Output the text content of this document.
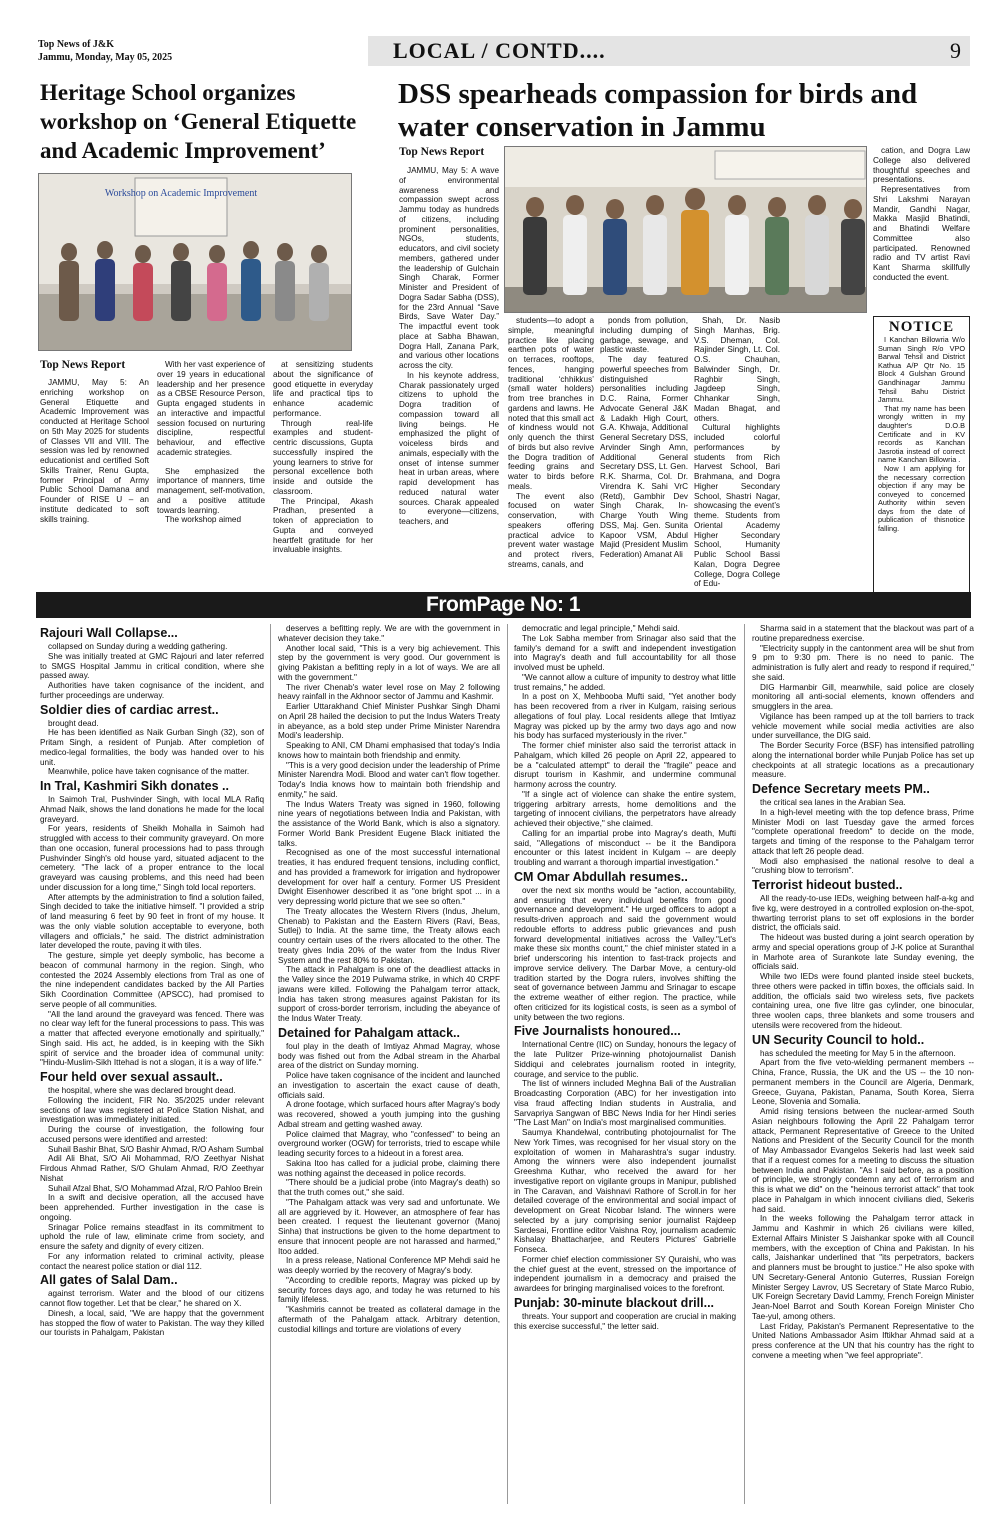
Top News of J&K
Jammu, Monday, May 05, 2025	LOCAL / CONTD....	9
Heritage School organizes workshop on ‘General Etiquette and Academic Improvement’
Workshop on Academic Improvement
Top News Report

JAMMU, May 5: An enriching workshop on General Etiquette and Academic Improvement was conducted at Heritage School on 5th May 2025 for students of Classes VII and VIII. The session was led by renowned educationist and certified Soft Skills Trainer, Renu Gupta, former Principal of Army Public School Damana and Founder of RISE U – an institute dedicated to soft skills training.

With her vast experience of over 19 years in educational leadership and her presence as a CBSE Resource Person, Gupta engaged students in an interactive and impactful session focused on nurturing discipline, respectful behaviour, and effective academic strategies.

She emphasized the importance of manners, time management, self-motivation, and a positive attitude towards learning.

The workshop aimed

at sensitizing students about the significance of good etiquette in everyday life and practical tips to enhance academic performance.

Through real-life examples and student-centric discussions, Gupta successfully inspired the young learners to strive for personal excellence both inside and outside the classroom.

The Principal, Akash Pradhan, presented a token of appreciation to Gupta and conveyed heartfelt gratitude for her invaluable insights.

DSS spearheads compassion for birds and water conservation in Jammu
Top News Report

JAMMU, May 5: A wave of environmental awareness and compassion swept across Jammu today as hundreds of citizens, including prominent personalities, NGOs, students, educators, and civil society members, gathered under the leadership of Gulchain Singh Charak, Former Minister and President of Dogra Sadar Sabha (DSS), for the 23rd Annual “Save Birds, Save Water Day.” The impactful event took place at Sabha Bhawan, Dogra Hall, Zanana Park, and various other locations across the city.

In his keynote address, Charak passionately urged citizens to uphold the Dogra tradition of compassion toward all living beings. He emphasized the plight of voiceless birds and animals, especially with the onset of intense summer heat in urban areas, where rapid development has reduced natural water sources. Charak appealed to everyone—citizens, teachers, and

students—to adopt a simple, meaningful practice like placing earthen pots of water on terraces, rooftops, fences, hanging traditional ‘chhikkus’ (small water holders) from tree branches in gardens and lawns. He noted that this small act of kindness would not only quench the thirst of birds but also revive the Dogra tradition of feeding grains and water to birds before meals.

The event also focused on water conservation, with speakers offering practical advice to prevent water wastage and protect rivers, streams, canals, and

ponds from pollution, including dumping of garbage, sewage, and plastic waste.

The day featured powerful speeches from distinguished personalities including D.C. Raina, Former Advocate General J&K & Ladakh High Court, G.A. Khwaja, Additional General Secretary DSS, Arvinder Singh Amn, Additional General Secretary DSS, Lt. Gen. R.K. Sharma, Col. Dr. Virendra K. Sahi VrC (Retd), Gambhir Dev Singh Charak, In-Charge Youth Wing DSS, Maj. Gen. Sunita Kapoor VSM, Abdul Majid (President Muslim Federation) Amanat Ali

Shah, Dr. Nasib Singh Manhas, Brig. V.S. Dheman, Col. Rajinder Singh, Lt. Col. O.S. Chauhan, Balwinder Singh, Dr. Raghbir Singh, Jagdeep Singh, Chhankar Singh, Madan Bhagat, and others.

Cultural highlights included colorful performances by students from Rich Harvest School, Bari Brahmana, and Dogra Higher Secondary School, Shastri Nagar, showcasing the event’s theme. Students from Oriental Academy Higher Secondary School, Humanity Public School Bassi Kalan, Dogra Degree College, Dogra College of Edu-

cation, and Dogra Law College also delivered thoughtful speeches and presentations.

Representatives from Shri Lakshmi Narayan Mandir, Gandhi Nagar, Makka Masjid Bhatindi, and Bhatindi Welfare Committee also participated. Renowned radio and TV artist Ravi Kant Sharma skillfully conducted the event.

NOTICE

I Kanchan Billowria W/o Suman Singh R/o VPO Barwal Tehsil and District Kathua A/P Qtr No. 15 Block 4 Gulshan Ground Gandhinagar Jammu Tehsil Bahu District Jammu.

That my name has been wrongly written in my daughter's D.O.B Certificate and in KV records as Kanchan Jasrotia instead of correct name Kanchan Billowria .

Now I am applying for the necessary correction objection if any may be conveyed to concerned Authority within seven days from the date of publication of thisnotice falling.

FromPage No: 1
Rajouri Wall Collapse...

collapsed on Sunday during a wedding gathering.

She was initially treated at GMC Rajouri and later referred to SMGS Hospital Jammu in critical condition, where she passed away.

Authorities have taken cognisance of the incident, and further proceedings are underway.

Soldier dies of cardiac arrest..

brought dead.

He has been identified as Naik Gurban Singh (32), son of Pritam Singh, a resident of Punjab. After completion of medico-legal formalities, the body was handed over to his unit.

Meanwhile, police have taken cognisance of the matter.

In Tral, Kashmiri Sikh donates ..

In Saimoh Tral, Pushvinder Singh, with local MLA Rafiq Ahmad Naik, shows the land donations he made for the local graveyard.

For years, residents of Sheikh Mohalla in Saimoh had struggled with access to their community graveyard. On more than one occasion, funeral processions had to pass through Pushvinder Singh's old house yard, situated adjacent to the cemetery. "The lack of a proper entrance to the local graveyard was causing problems, and this need had been under discussion for a long time," Singh told local reporters.

After attempts by the administration to find a solution failed, Singh decided to take the initiative himself. "I provided a strip of land measuring 6 feet by 90 feet in front of my house. It was the only viable solution acceptable to everyone, both villagers and officials," he said. The district administration later developed the route, paving it with tiles.

The gesture, simple yet deeply symbolic, has become a beacon of communal harmony in the region. Singh, who contested the 2024 Assembly elections from Tral as one of the nine independent candidates backed by the All Parties Sikh Coordination Committee (APSCC), had promised to serve people of all communities.

"All the land around the graveyard was fenced. There was no clear way left for the funeral processions to pass. This was a matter that affected everyone emotionally and spiritually," Singh said. His act, he added, is in keeping with the Sikh spirit of service and the broader idea of communal unity: "Hindu-Muslim-Sikh Ittehad is not a slogan, it is a way of life."

Four held over sexual assault..

the hospital, where she was declared brought dead.

Following the incident, FIR No. 35/2025 under relevant sections of law was registered at Police Station Nishat, and investigation was immediately initiated.

During the course of investigation, the following four accused persons were identified and arrested:

Suhail Bashir Bhat, S/O Bashir Ahmad, R/O Asham Sumbal

Adil Ali Bhat, S/O Ali Mohammad, R/O Zeethyar Nishat Firdous Ahmad Rather, S/O Ghulam Ahmad, R/O Zeethyar Nishat

Suhail Afzal Bhat, S/O Mohammad Afzal, R/O Pahloo Brein

In a swift and decisive operation, all the accused have been apprehended. Further investigation in the case is ongoing.

Srinagar Police remains steadfast in its commitment to uphold the rule of law, eliminate crime from society, and ensure the safety and dignity of every citizen.

For any information related to criminal activity, please contact the nearest police station or dial 112.

All gates of Salal Dam..

against terrorism. Water and the blood of our citizens cannot flow together. Let that be clear," he shared on X.

Dinesh, a local, said, "We are happy that the government has stopped the flow of water to Pakistan. The way they killed our tourists in Pahalgam, Pakistan

deserves a befitting reply. We are with the government in whatever decision they take."

Another local said, "This is a very big achievement. This step by the government is very good. Our government is giving Pakistan a befitting reply in a lot of ways. We are all with the government."

The river Chenab's water level rose on May 2 following heavy rainfall in the Akhnoor sector of Jammu and Kashmir.

Earlier Uttarakhand Chief Minister Pushkar Singh Dhami on April 28 hailed the decision to put the Indus Waters Treaty in abeyance, as a bold step under Prime Minister Narendra Modi's leadership.

Speaking to ANI, CM Dhami emphasised that today's India knows how to maintain both friendship and enmity.

"This is a very good decision under the leadership of Prime Minister Narendra Modi. Blood and water can't flow together. Today's India knows how to maintain both friendship and enmity," he said.

The Indus Waters Treaty was signed in 1960, following nine years of negotiations between India and Pakistan, with the assistance of the World Bank, which is also a signatory. Former World Bank President Eugene Black initiated the talks.

Recognised as one of the most successful international treaties, it has endured frequent tensions, including conflict, and has provided a framework for irrigation and hydropower development for over half a century. Former US President Dwight Eisenhower described it as "one bright spot ... in a very depressing world picture that we see so often."

The Treaty allocates the Western Rivers (Indus, Jhelum, Chenab) to Pakistan and the Eastern Rivers (Ravi, Beas, Sutlej) to India. At the same time, the Treaty allows each country certain uses of the rivers allocated to the other. The treaty gives India 20% of the water from the Indus River System and the rest 80% to Pakistan.

The attack in Pahalgam is one of the deadliest attacks in the Valley since the 2019 Pulwama strike, in which 40 CRPF jawans were killed. Following the Pahalgam terror attack, India has taken strong measures against Pakistan for its support of cross-border terrorism, including the abeyance of the Indus Water Treaty.

Detained for Pahalgam attack..

foul play in the death of Imtiyaz Ahmad Magray, whose body was fished out from the Adbal stream in the Aharbal area of the district on Sunday morning.

Police have taken cognisance of the incident and launched an investigation to ascertain the exact cause of death, officials said.

A drone footage, which surfaced hours after Magray's body was recovered, showed a youth jumping into the gushing Adbal stream and getting washed away.

Police claimed that Magray, who "confessed" to being an overground worker (OGW) for terrorists, tried to escape while leading security forces to a hideout in a forest area.

Sakina Itoo has called for a judicial probe, claiming there was nothing against the deceased in police records.

"There should be a judicial probe (into Magray's death) so that the truth comes out," she said.

"The Pahalgam attack was very sad and unfortunate. We all are aggrieved by it. However, an atmosphere of fear has been created. I request the lieutenant governor (Manoj Sinha) that instructions be given to the home department to ensure that innocent people are not harassed and harmed," Itoo added.

In a press release, National Conference MP Mehdi said he was deeply worried by the recovery of Magray's body.

"According to credible reports, Magray was picked up by security forces days ago, and today he was returned to his family lifeless.

"Kashmiris cannot be treated as collateral damage in the aftermath of the Pahalgam attack. Arbitrary detention, custodial killings and torture are violations of every

democratic and legal principle," Mehdi said.

The Lok Sabha member from Srinagar also said that the family's demand for a swift and independent investigation into Magray's death and full accountability for all those involved must be upheld.

"We cannot allow a culture of impunity to destroy what little trust remains," he added.

In a post on X, Mehbooba Mufti said, "Yet another body has been recovered from a river in Kulgam, raising serious allegations of foul play. Local residents allege that Imtiyaz Magray was picked up by the army two days ago and now his body has surfaced mysteriously in the river."

The former chief minister also said the terrorist attack in Pahalgam, which killed 26 people on April 22, appeared to be a "calculated attempt" to derail the "fragile" peace and disrupt tourism in Kashmir, and undermine communal harmony across the country.

"If a single act of violence can shake the entire system, triggering arbitrary arrests, home demolitions and the targeting of innocent civilians, the perpetrators have already achieved their objective," she claimed.

Calling for an impartial probe into Magray's death, Mufti said, "Allegations of misconduct -- be it the Bandipora encounter or this latest incident in Kulgam -- are deeply troubling and warrant a thorough impartial investigation."

CM Omar Abdullah resumes..

over the next six months would be "action, accountability, and ensuring that every individual benefits from good governance and development." He urged officers to adopt a results-driven approach and said the government would redouble efforts to address public grievances and push forward developmental initiatives across the Valley."Let's make these six months count," the chief minister stated in a brief underscoring his intention to fast-track projects and improve service delivery. The Darbar Move, a century-old tradition started by the Dogra rulers, involves shifting the seat of governance between Jammu and Srinagar to escape the extreme weather of either region. The practice, while often criticized for its logistical costs, is seen as a symbol of unity between the two regions.

Five Journalists honoured...

International Centre (IIC) on Sunday, honours the legacy of the late Pulitzer Prize-winning photojournalist Danish Siddiqui and celebrates journalism rooted in integrity, courage, and service to the public.

The list of winners included Meghna Bali of the Australian Broadcasting Corporation (ABC) for her investigation into visa fraud affecting Indian students in Australia, and Sarvapriya Sangwan of BBC News India for her Hindi series "The Last Man" on India's most marginalised communities.

Saumya Khandelwal, contributing photojournalist for The New York Times, was recognised for her visual story on the exploitation of women in Maharashtra's sugar industry. Among the winners were also independent journalist Greeshma Kuthar, who received the award for her investigative report on vigilante groups in Manipur, published in The Caravan, and Vaishnavi Rathore of Scroll.in for her detailed coverage of the environmental and social impact of development on Great Nicobar Island. The winners were selected by a jury comprising senior journalist Rajdeep Sardesai, Frontline editor Vaishna Roy, journalism academic Kishalay Bhattacharjee, and Reuters Pictures' Gabrielle Fonseca.

Former chief election commissioner SY Quraishi, who was the chief guest at the event, stressed on the importance of independent journalism in a democracy and praised the awardees for bringing marginalised voices to the forefront.

Punjab: 30-minute blackout drill...

threats. Your support and cooperation are crucial in making this exercise successful," the letter said.

Sharma said in a statement that the blackout was part of a routine preparedness exercise.

"Electricity supply in the cantonment area will be shut from 9 pm to 9:30 pm. There is no need to panic. The administration is fully alert and ready to respond if required," she said.

DIG Harmanbir Gill, meanwhile, said police are closely monitoring all anti-social elements, known offenders and smugglers in the area.

Vigilance has been ramped up at the toll barriers to track vehicle movement while social media activities are also under surveillance, the DIG said.

The Border Security Force (BSF) has intensified patrolling along the international border while Punjab Police has set up checkpoints at all strategic locations as a precautionary measure.

Defence Secretary meets PM..

the critical sea lanes in the Arabian Sea.

In a high-level meeting with the top defence brass, Prime Minister Modi on last Tuesday gave the armed forces "complete operational freedom" to decide on the mode, targets and timing of the response to the Pahalgam terror attack that left 26 people dead.

Modi also emphasised the national resolve to deal a "crushing blow to terrorism".

Terrorist hideout busted..

All the ready-to-use IEDs, weighing between half-a-kg and five kg, were destroyed in a controlled explosion on-the-spot, thwarting terrorist plans to set off explosions in the border district, the officials said.

The hideout was busted during a joint search operation by army and special operations group of J-K police at Suranthal in Marhote area of Surankote late Sunday evening, the officials said.

While two IEDs were found planted inside steel buckets, three others were packed in tiffin boxes, the officials said. In addition, the officials said two wireless sets, five packets containing urea, one five litre gas cylinder, one binocular, three woolen caps, three blankets and some trousers and utensils were recovered from the hideout.

UN Security Council to hold..

has scheduled the meeting for May 5 in the afternoon.

Apart from the five veto-wielding permanent members -- China, France, Russia, the UK and the US -- the 10 non-permanent members in the Council are Algeria, Denmark, Greece, Guyana, Pakistan, Panama, South Korea, Sierra Leone, Slovenia and Somalia.

Amid rising tensions between the nuclear-armed South Asian neighbours following the April 22 Pahalgam terror attack, Permanent Representative of Greece to the United Nations and President of the Security Council for the month of May Ambassador Evangelos Sekeris had last week said that if a request comes for a meeting to discuss the situation between India and Pakistan. "As I said before, as a position of principle, we strongly condemn any act of terrorism and this is what we did" on the "heinous terrorist attack" that took place in Pahalgam in which innocent civilians died, Sekeris had said.

In the weeks following the Pahalgam terror attack in Jammu and Kashmir in which 26 civilians were killed, External Affairs Minister S Jaishankar spoke with all Council members, with the exception of China and Pakistan. In his calls, Jaishankar underlined that "its perpetrators, backers and planners must be brought to justice." He also spoke with UN Secretary-General Antonio Guterres, Russian Foreign Minister Sergey Lavrov, US Secretary of State Marco Rubio, UK Foreign Secretary David Lammy, French Foreign Minister Jean-Noel Barrot and South Korean Foreign Minister Cho Tae-yul, among others.

Last Friday, Pakistan's Permanent Representative to the United Nations Ambassador Asim Iftikhar Ahmad said at a press conference at the UN that his country has the right to convene a meeting when "we feel appropriate".
